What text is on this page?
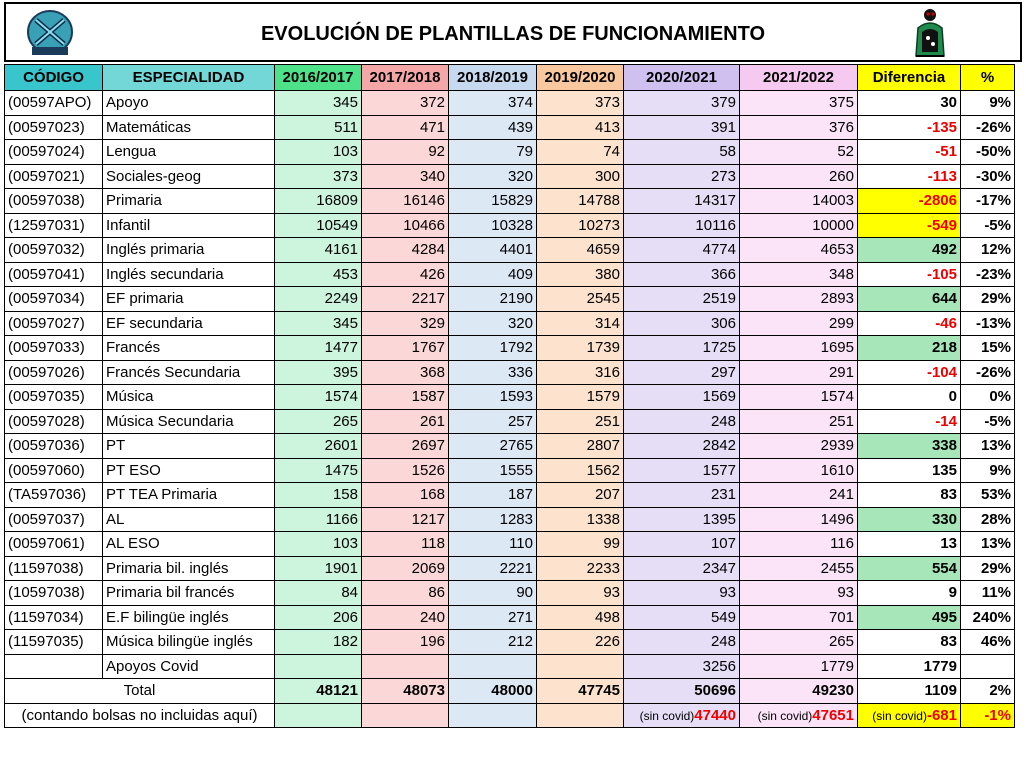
EVOLUCIÓN DE PLANTILLAS DE FUNCIONAMIENTO
CÓDIGO	ESPECIALIDAD	2016/2017	2017/2018	2018/2019	2019/2020	2020/2021	2021/2022	Diferencia	%
(00597APO)	Apoyo	345	372	374	373	379	375	30	9%
(00597023)	Matemáticas	511	471	439	413	391	376	-135	-26%
(00597024)	Lengua	103	92	79	74	58	52	-51	-50%
(00597021)	Sociales-geog	373	340	320	300	273	260	-113	-30%
(00597038)	Primaria	16809	16146	15829	14788	14317	14003	-2806	-17%
(12597031)	Infantil	10549	10466	10328	10273	10116	10000	-549	-5%
(00597032)	Inglés primaria	4161	4284	4401	4659	4774	4653	492	12%
(00597041)	Inglés secundaria	453	426	409	380	366	348	-105	-23%
(00597034)	EF primaria	2249	2217	2190	2545	2519	2893	644	29%
(00597027)	EF secundaria	345	329	320	314	306	299	-46	-13%
(00597033)	Francés	1477	1767	1792	1739	1725	1695	218	15%
(00597026)	Francés Secundaria	395	368	336	316	297	291	-104	-26%
(00597035)	Música	1574	1587	1593	1579	1569	1574	0	0%
(00597028)	Música Secundaria	265	261	257	251	248	251	-14	-5%
(00597036)	PT	2601	2697	2765	2807	2842	2939	338	13%
(00597060)	PT ESO	1475	1526	1555	1562	1577	1610	135	9%
(TA597036)	PT TEA Primaria	158	168	187	207	231	241	83	53%
(00597037)	AL	1166	1217	1283	1338	1395	1496	330	28%
(00597061)	AL ESO	103	118	110	99	107	116	13	13%
(11597038)	Primaria bil. inglés	1901	2069	2221	2233	2347	2455	554	29%
(10597038)	Primaria bil francés	84	86	90	93	93	93	9	11%
(11597034)	E.F bilingüe inglés	206	240	271	498	549	701	495	240%
(11597035)	Música bilingüe inglés	182	196	212	226	248	265	83	46%
	Apoyos Covid					3256	1779	1779	
Total		48121	48073	48000	47745	50696	49230	1109	2%
(contando bolsas no incluidas aquí)						(sin covid)47440	(sin covid)47651	(sin covid)-681	-1%
